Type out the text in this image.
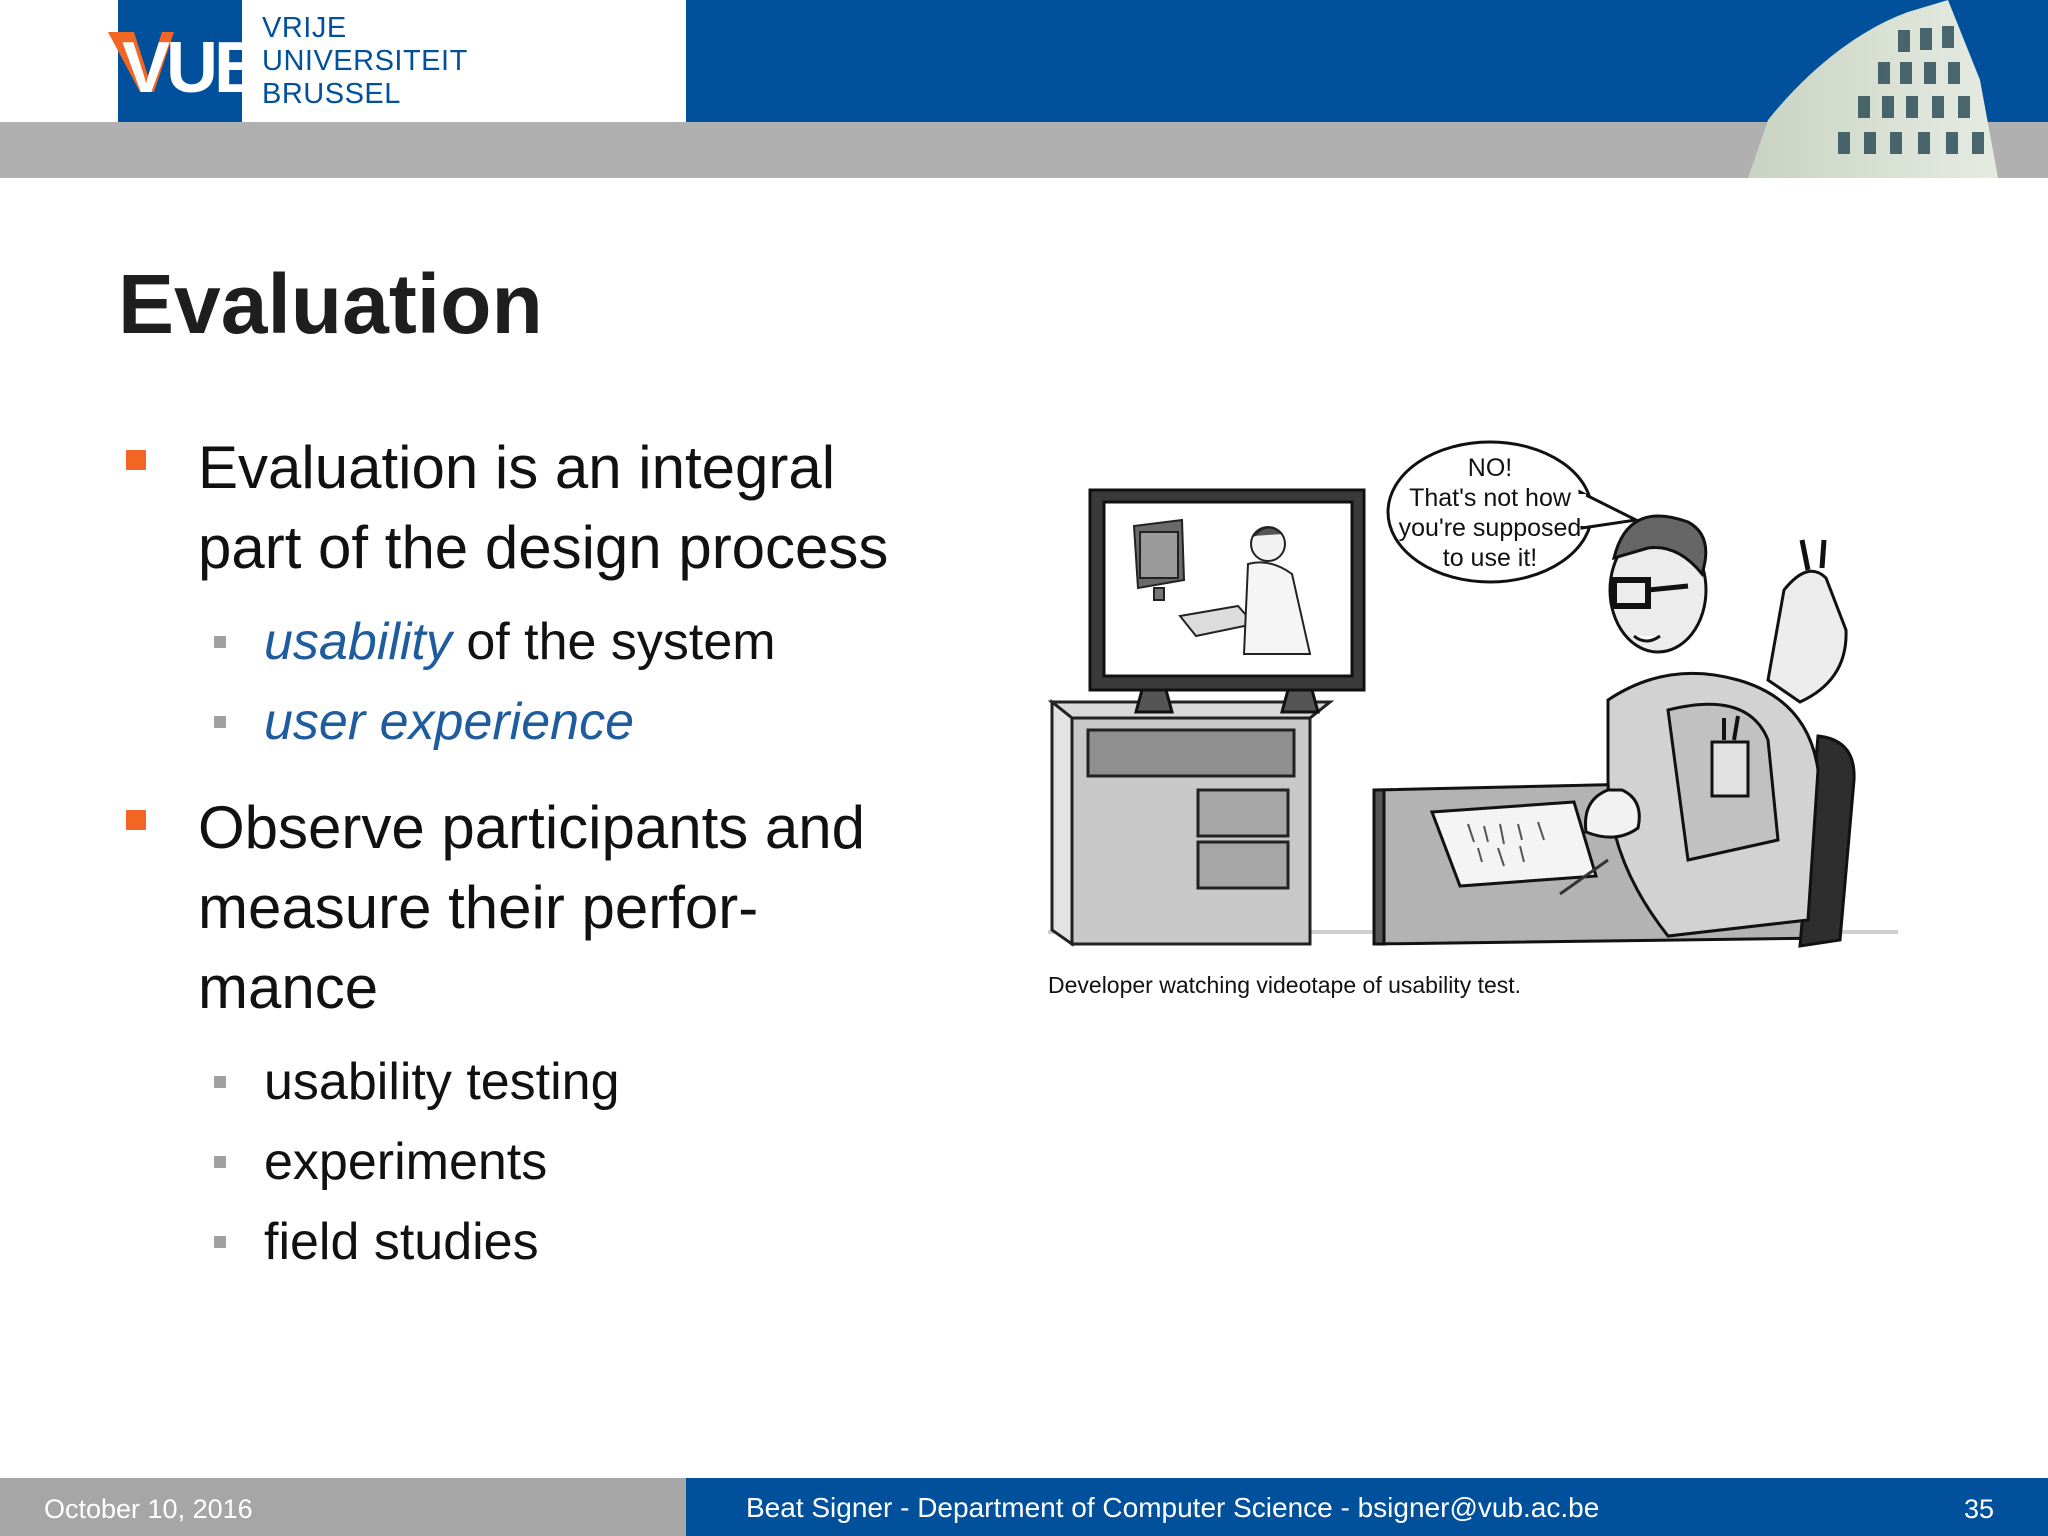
VUB VRIJE
UNIVERSITEIT
BRUSSEL
Evaluation
Evaluation is an integral
part of the design process
usability of the system
user experience
Observe participants and
measure their perfor-
mance
usability testing
experiments
field studies
NO!
That's not how
you're supposed
to use it!
Developer watching videotape of usability test.
October 10, 2016	Beat Signer - Department of Computer Science - bsigner@vub.ac.be	35
